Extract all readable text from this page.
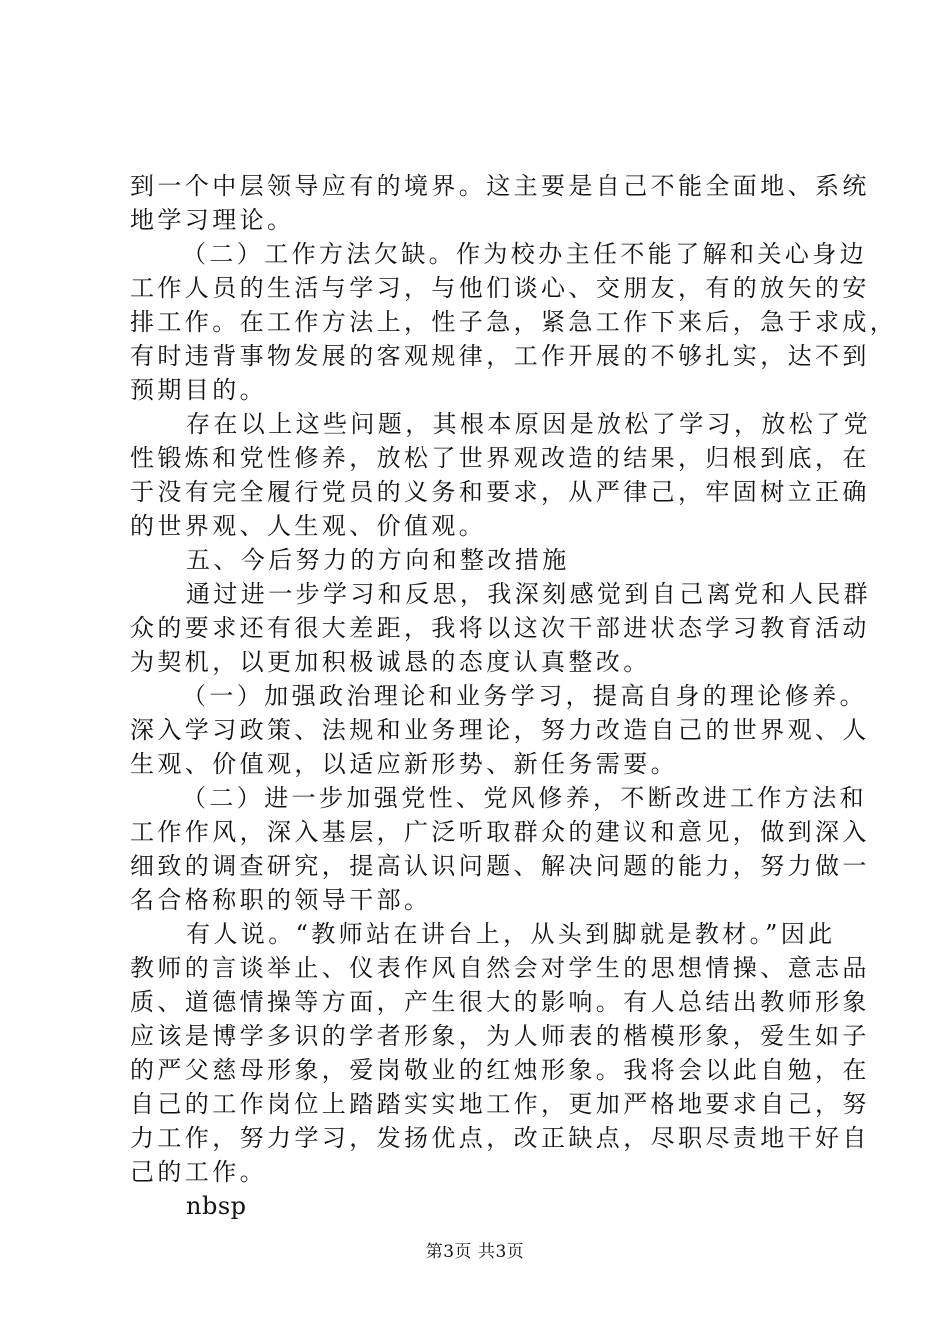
到一个中层领导应有的境界。这主要是自己不能全面地、系统
地学习理论。
（二）工作方法欠缺。作为校办主任不能了解和关心身边
工作人员的生活与学习，与他们谈心、交朋友，有的放矢的安
排工作。在工作方法上，性子急，紧急工作下来后，急于求成，
有时违背事物发展的客观规律，工作开展的不够扎实，达不到
预期目的。
存在以上这些问题，其根本原因是放松了学习，放松了党
性锻炼和党性修养，放松了世界观改造的结果，归根到底，在
于没有完全履行党员的义务和要求，从严律己，牢固树立正确
的世界观、人生观、价值观。
五、今后努力的方向和整改措施
通过进一步学习和反思，我深刻感觉到自己离党和人民群
众的要求还有很大差距，我将以这次干部进状态学习教育活动
为契机，以更加积极诚恳的态度认真整改。
（一）加强政治理论和业务学习，提高自身的理论修养。
深入学习政策、法规和业务理论，努力改造自己的世界观、人
生观、价值观，以适应新形势、新任务需要。
（二）进一步加强党性、党风修养，不断改进工作方法和
工作作风，深入基层，广泛听取群众的建议和意见，做到深入
细致的调查研究，提高认识问题、解决问题的能力，努力做一
名合格称职的领导干部。
有人说。“教师站在讲台上，从头到脚就是教材。”因此
教师的言谈举止、仪表作风自然会对学生的思想情操、意志品
质、道德情操等方面，产生很大的影响。有人总结出教师形象
应该是博学多识的学者形象，为人师表的楷模形象，爱生如子
的严父慈母形象，爱岗敬业的红烛形象。我将会以此自勉，在
自己的工作岗位上踏踏实实地工作，更加严格地要求自己，努
力工作，努力学习，发扬优点，改正缺点，尽职尽责地干好自
己的工作。
nbsp
第3页 共3页
